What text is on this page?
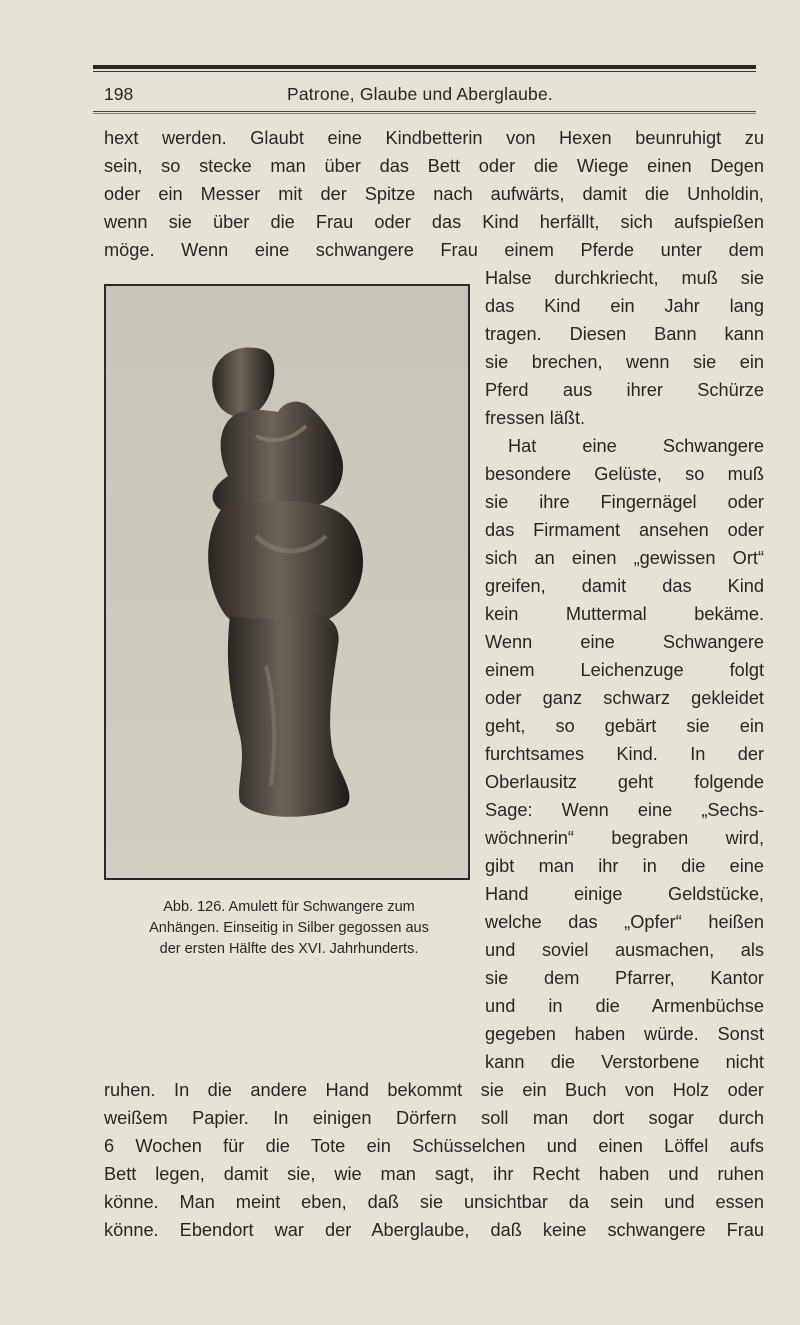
198	Patrone, Glaube und Aberglaube.
hext werden. Glaubt eine Kindbetterin von Hexen beunruhigt zu
sein, so stecke man über das Bett oder die Wiege einen Degen
oder ein Messer mit der Spitze nach aufwärts, damit die Unholdin,
wenn sie über die Frau oder das Kind herfällt, sich aufspießen
möge. Wenn eine schwangere Frau einem Pferde unter dem
Abb. 126. Amulett für Schwangere zum
Anhängen. Einseitig in Silber gegossen aus
der ersten Hälfte des XVI. Jahrhunderts.
Halse durchkriecht, muß sie
das Kind ein Jahr lang
tragen. Diesen Bann kann
sie brechen, wenn sie ein
Pferd aus ihrer Schürze
fressen läßt.
Hat eine Schwangere
besondere Gelüste, so muß
sie ihre Fingernägel oder
das Firmament ansehen oder
sich an einen „gewissen Ort“
greifen, damit das Kind
kein Muttermal bekäme.
Wenn eine Schwangere
einem Leichenzuge folgt
oder ganz schwarz gekleidet
geht, so gebärt sie ein
furchtsames Kind. In der
Oberlausitz geht folgende
Sage: Wenn eine „Sechs-
wöchnerin“ begraben wird,
gibt man ihr in die eine
Hand einige Geldstücke,
welche das „Opfer“ heißen
und soviel ausmachen, als
sie dem Pfarrer, Kantor
und in die Armenbüchse
gegeben haben würde. Sonst
kann die Verstorbene nicht
ruhen. In die andere Hand bekommt sie ein Buch von Holz oder
weißem Papier. In einigen Dörfern soll man dort sogar durch
6 Wochen für die Tote ein Schüsselchen und einen Löffel aufs
Bett legen, damit sie, wie man sagt, ihr Recht haben und ruhen
könne. Man meint eben, daß sie unsichtbar da sein und essen
könne. Ebendort war der Aberglaube, daß keine schwangere Frau
